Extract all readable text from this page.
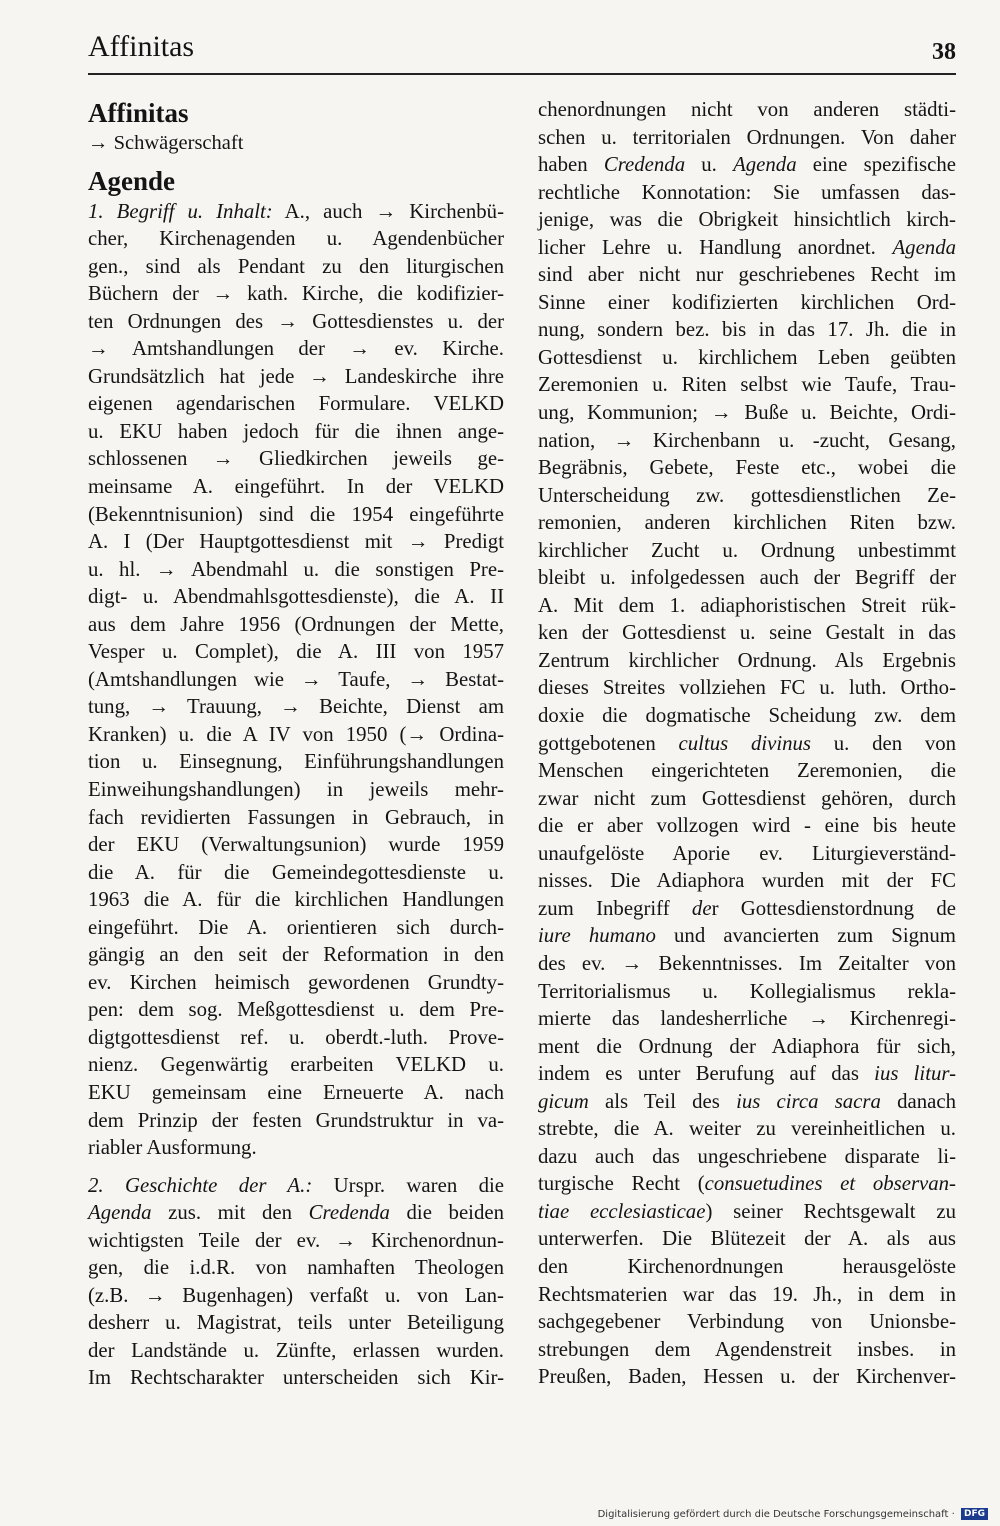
Affinitas	38
Affinitas

→ Schwägerschaft

Agende
1. Begriff u. Inhalt: A., auch → Kirchenbü-
cher, Kirchenagenden u. Agendenbücher
gen., sind als Pendant zu den liturgischen
Büchern der → kath. Kirche, die kodifizier-
ten Ordnungen des → Gottesdienstes u. der
→ Amtshandlungen der → ev. Kirche.
Grundsätzlich hat jede → Landeskirche ihre
eigenen agendarischen Formulare. VELKD
u. EKU haben jedoch für die ihnen ange-
schlossenen → Gliedkirchen jeweils ge-
meinsame A. eingeführt. In der VELKD
(Bekenntnisunion) sind die 1954 eingeführte
A. I (Der Hauptgottesdienst mit → Predigt
u. hl. → Abendmahl u. die sonstigen Pre-
digt- u. Abendmahlsgottesdienste), die A. II
aus dem Jahre 1956 (Ordnungen der Mette,
Vesper u. Complet), die A. III von 1957
(Amtshandlungen wie → Taufe, → Bestat-
tung, → Trauung, → Beichte, Dienst am
Kranken) u. die A IV von 1950 (→ Ordina-
tion u. Einsegnung, Einführungshandlungen
Einweihungshandlungen) in jeweils mehr-
fach revidierten Fassungen in Gebrauch, in
der EKU (Verwaltungsunion) wurde 1959
die A. für die Gemeindegottesdienste u.
1963 die A. für die kirchlichen Handlungen
eingeführt. Die A. orientieren sich durch-
gängig an den seit der Reformation in den
ev. Kirchen heimisch gewordenen Grundty-
pen: dem sog. Meßgottesdienst u. dem Pre-
digtgottesdienst ref. u. oberdt.-luth. Prove-
nienz. Gegenwärtig erarbeiten VELKD u.
EKU gemeinsam eine Erneuerte A. nach
dem Prinzip der festen Grundstruktur in va-
riabler Ausformung.
2. Geschichte der A.: Urspr. waren die
Agenda zus. mit den Credenda die beiden
wichtigsten Teile der ev. → Kirchenordnun-
gen, die i.d.R. von namhaften Theologen
(z.B. → Bugenhagen) verfaßt u. von Lan-
desherr u. Magistrat, teils unter Beteiligung
der Landstände u. Zünfte, erlassen wurden.
Im Rechtscharakter unterscheiden sich Kir-
chenordnungen nicht von anderen städti-
schen u. territorialen Ordnungen. Von daher
haben Credenda u. Agenda eine spezifische
rechtliche Konnotation: Sie umfassen das-
jenige, was die Obrigkeit hinsichtlich kirch-
licher Lehre u. Handlung anordnet. Agenda
sind aber nicht nur geschriebenes Recht im
Sinne einer kodifizierten kirchlichen Ord-
nung, sondern bez. bis in das 17. Jh. die in
Gottesdienst u. kirchlichem Leben geübten
Zeremonien u. Riten selbst wie Taufe, Trau-
ung, Kommunion; → Buße u. Beichte, Ordi-
nation, → Kirchenbann u. -zucht, Gesang,
Begräbnis, Gebete, Feste etc., wobei die
Unterscheidung zw. gottesdienstlichen Ze-
remonien, anderen kirchlichen Riten bzw.
kirchlicher Zucht u. Ordnung unbestimmt
bleibt u. infolgedessen auch der Begriff der
A. Mit dem 1. adiaphoristischen Streit rük-
ken der Gottesdienst u. seine Gestalt in das
Zentrum kirchlicher Ordnung. Als Ergebnis
dieses Streites vollziehen FC u. luth. Ortho-
doxie die dogmatische Scheidung zw. dem
gottgebotenen cultus divinus u. den von
Menschen eingerichteten Zeremonien, die
zwar nicht zum Gottesdienst gehören, durch
die er aber vollzogen wird - eine bis heute
unaufgelöste Aporie ev. Liturgieverständ-
nisses. Die Adiaphora wurden mit der FC
zum Inbegriff der Gottesdienstordnung de
iure humano und avancierten zum Signum
des ev. → Bekenntnisses. Im Zeitalter von
Territorialismus u. Kollegialismus rekla-
mierte das landesherrliche → Kirchenregi-
ment die Ordnung der Adiaphora für sich,
indem es unter Berufung auf das ius litur-
gicum als Teil des ius circa sacra danach
strebte, die A. weiter zu vereinheitlichen u.
dazu auch das ungeschriebene disparate li-
turgische Recht (consuetudines et observan-
tiae ecclesiasticae) seiner Rechtsgewalt zu
unterwerfen. Die Blütezeit der A. als aus
den Kirchenordnungen herausgelöste
Rechtsmaterien war das 19. Jh., in dem in
sachgegebener Verbindung von Unionsbe-
strebungen dem Agendenstreit insbes. in
Preußen, Baden, Hessen u. der Kirchenver-
Digitalisierung gefördert durch die Deutsche Forschungsgemeinschaft · DFG
